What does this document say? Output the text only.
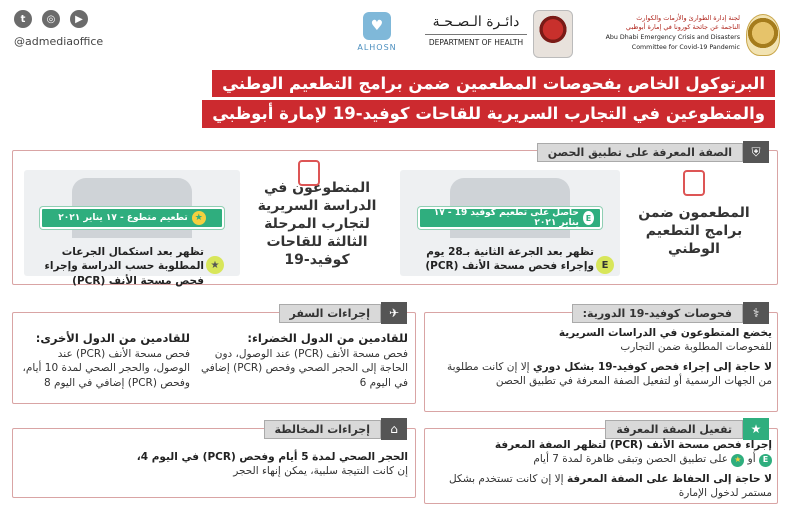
t	◎	▶
@admediaoffice
♥
ALHOSN
دائـرة الـصـحـة
DEPARTMENT OF HEALTH
لجنة إدارة الطوارئ والأزمات والكوارث
الناجمة عن جائحة كورونا في إمارة أبوظبي
Abu Dhabi Emergency Crisis and Disasters
Committee for Covid-19 Pandemic
البرتوكول الخاص بفحوصات المطعمين ضمن برامج التطعيم الوطني
والمتطوعين في التجارب السريرية للقاحات كوفيد-19 لإمارة أبوظبي
⛨
الصفة المعرفة على تطبيق الحصن
المطعمون ضمن برامج التطعيم الوطني
E
حاصل على تطعيم كوفيد 19 - ١٧ يناير ٢٠٢١
تظهر بعد الجرعة الثانية بـ28 يوم وإجراء فحص مسحة الأنف (PCR) E
المتطوعون في الدراسة السريرية لتجارب المرحلة الثالثة للقاحات كوفيد-19
★
تطعيم متطوع - ١٧ يناير ٢٠٢١
تظهر بعد استكمال الجرعات المطلوبة حسب الدراسة وإجراء فحص مسحة الأنف (PCR)
★
✈
إجراءات السفر
للقادمين من الدول الخضراء:
فحص مسحة الأنف (PCR) عند الوصول، دون الحاجة إلى الحجر الصحي وفحص (PCR) إضافي في اليوم 6
للقادمين من الدول الأخرى:
فحص مسحة الأنف (PCR) عند الوصول، والحجر الصحي لمدة 10 أيام، وفحص (PCR) إضافي في اليوم 8
⚕
فحوصات كوفيد-19 الدورية:
يخضع المتطوعون في الدراسات السريرية
للفحوصات المطلوبة ضمن التجارب
لا حاجة إلى إجراء فحص كوفيد-19 بشكل دوري إلا إن كانت مطلوبة من الجهات الرسمية أو لتفعيل الصفة المعرفة في تطبيق الحصن
⌂
إجراءات المخالطة
الحجر الصحي لمدة 5 أيام وفحص (PCR) في اليوم 4،
إن كانت النتيجة سلبية، يمكن إنهاء الحجر
★
تفعيل الصفة المعرفة
إجراء فحص مسحة الأنف (PCR) لتظهر الصفة المعرفة
E أو ★ على تطبيق الحصن وتبقى ظاهرة لمدة 7 أيام
لا حاجة إلى الحفاظ على الصفة المعرفة إلا إن كانت تستخدم بشكل مستمر لدخول الإمارة
